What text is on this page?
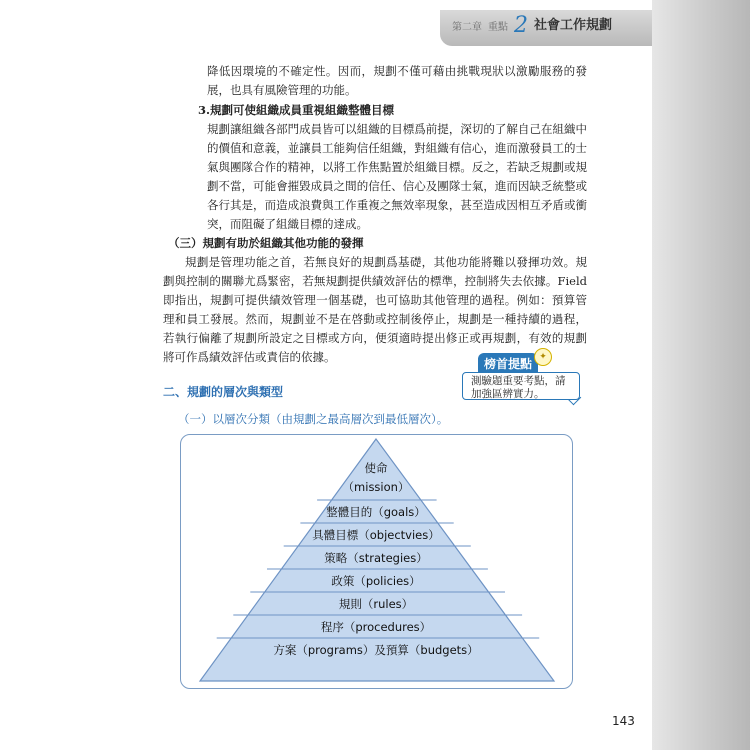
第二章 重點 2 社會工作規劃

降低因環境的不確定性。因而，規劃不僅可藉由挑戰現狀以激勵服務的發

展，也具有風險管理的功能。

3.規劃可使組織成員重視組織整體目標

規劃讓組織各部門成員皆可以組織的目標爲前提，深切的了解自己在組織中

的價值和意義，並讓員工能夠信任組織，對組織有信心，進而激發員工的士

氣與團隊合作的精神，以將工作焦點置於組織目標。反之，若缺乏規劃或規

劃不當，可能會摧毀成員之間的信任、信心及團隊士氣，進而因缺乏統整或

各行其是，而造成浪費與工作重複之無效率現象，甚至造成因相互矛盾或衝

突，而阻礙了組織目標的達成。

（三）規劃有助於組織其他功能的發揮

規劃是管理功能之首，若無良好的規劃爲基礎，其他功能將難以發揮功效。規

劃與控制的關聯尤爲緊密，若無規劃提供績效評估的標準，控制將失去依據。Field

即指出，規劃可提供績效管理一個基礎，也可協助其他管理的過程。例如：預算管

理和員工發展。然而，規劃並不是在啓動或控制後停止，規劃是一種持續的過程，

若執行偏離了規劃所設定之目標或方向，便須適時提出修正或再規劃，有效的規劃

將可作爲績效評估或責信的依據。	榜首提點 ✦
測驗題重要考點，請加強區辨實力。

二、規劃的層次與類型

（一）以層次分類（由規劃之最高層次到最低層次）。

使命
（mission）
整體目的（goals）
具體目標（objectvies）
策略（strategies）
政策（policies）
規則（rules）
程序（procedures）
方案（programs）及預算（budgets）
143
